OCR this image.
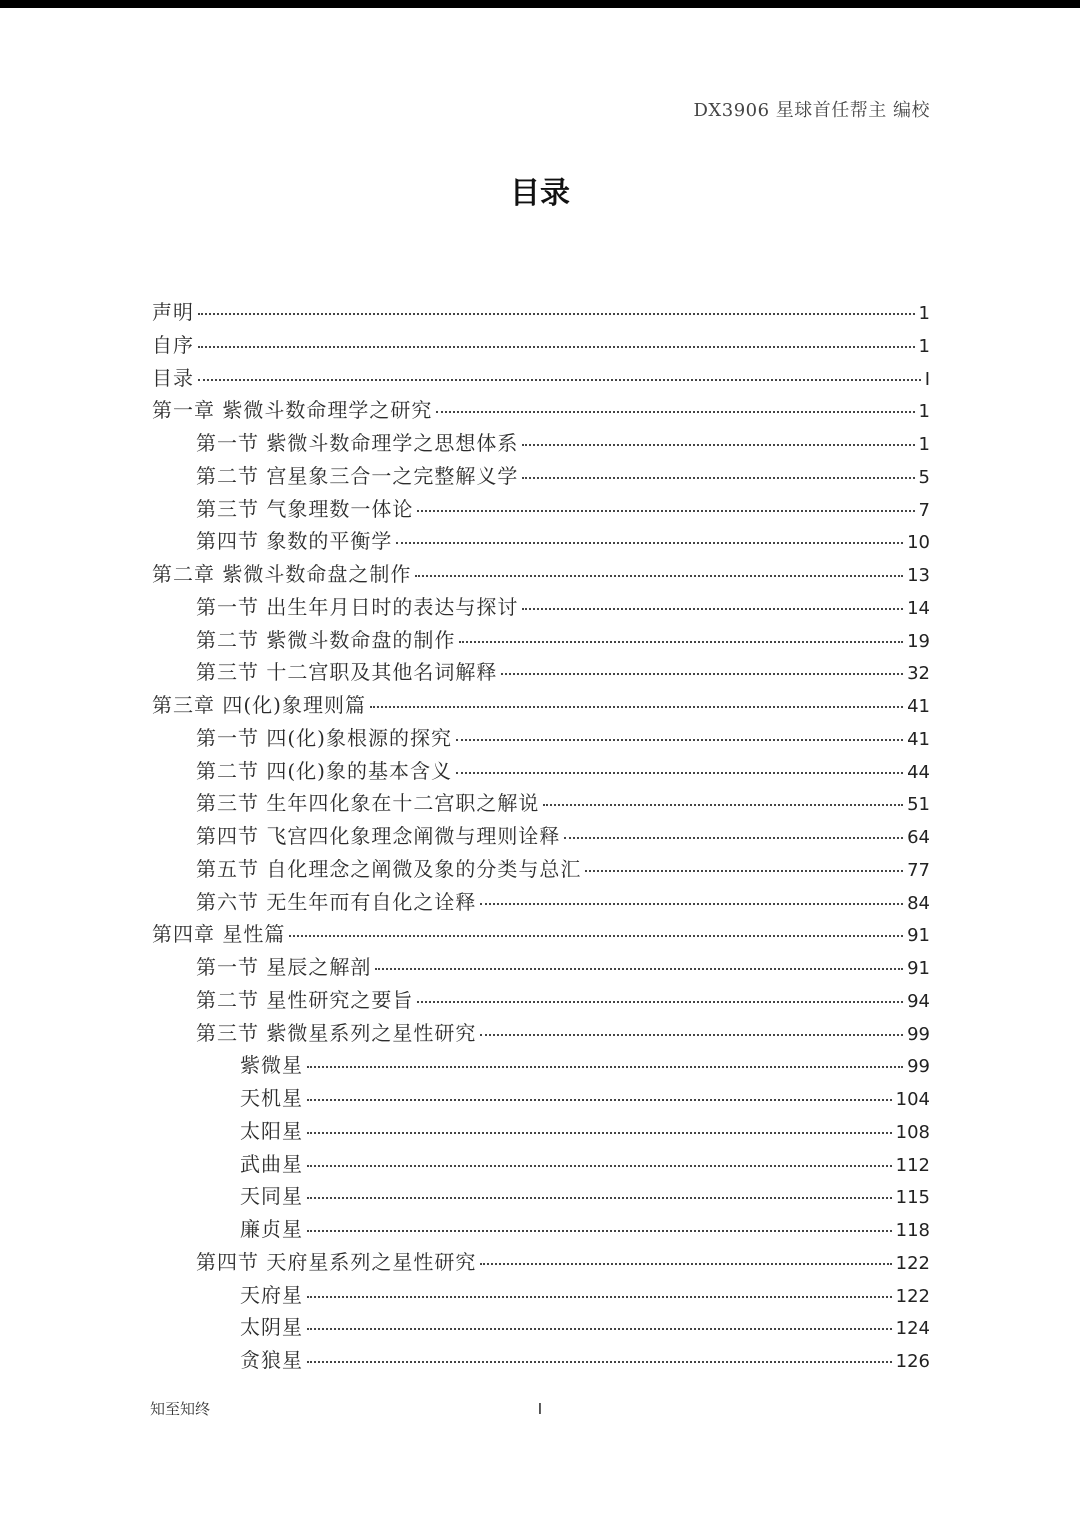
DX3906 星球首任帮主 编校
目录
声明	1
自序	1
目录	I
第一章 紫微斗数命理学之研究	1
第一节 紫微斗数命理学之思想体系	1
第二节 宫星象三合一之完整解义学	5
第三节 气象理数一体论	7
第四节 象数的平衡学	10
第二章 紫微斗数命盘之制作	13
第一节 出生年月日时的表达与探讨	14
第二节 紫微斗数命盘的制作	19
第三节 十二宫职及其他名词解释	32
第三章 四(化)象理则篇	41
第一节 四(化)象根源的探究	41
第二节 四(化)象的基本含义	44
第三节 生年四化象在十二宫职之解说	51
第四节 飞宫四化象理念阐微与理则诠释	64
第五节 自化理念之阐微及象的分类与总汇	77
第六节 无生年而有自化之诠释	84
第四章 星性篇	91
第一节 星辰之解剖	91
第二节 星性研究之要旨	94
第三节 紫微星系列之星性研究	99
紫微星	99
天机星	104
太阳星	108
武曲星	112
天同星	115
廉贞星	118
第四节 天府星系列之星性研究	122
天府星	122
太阴星	124
贪狼星	126
知至知终	I
